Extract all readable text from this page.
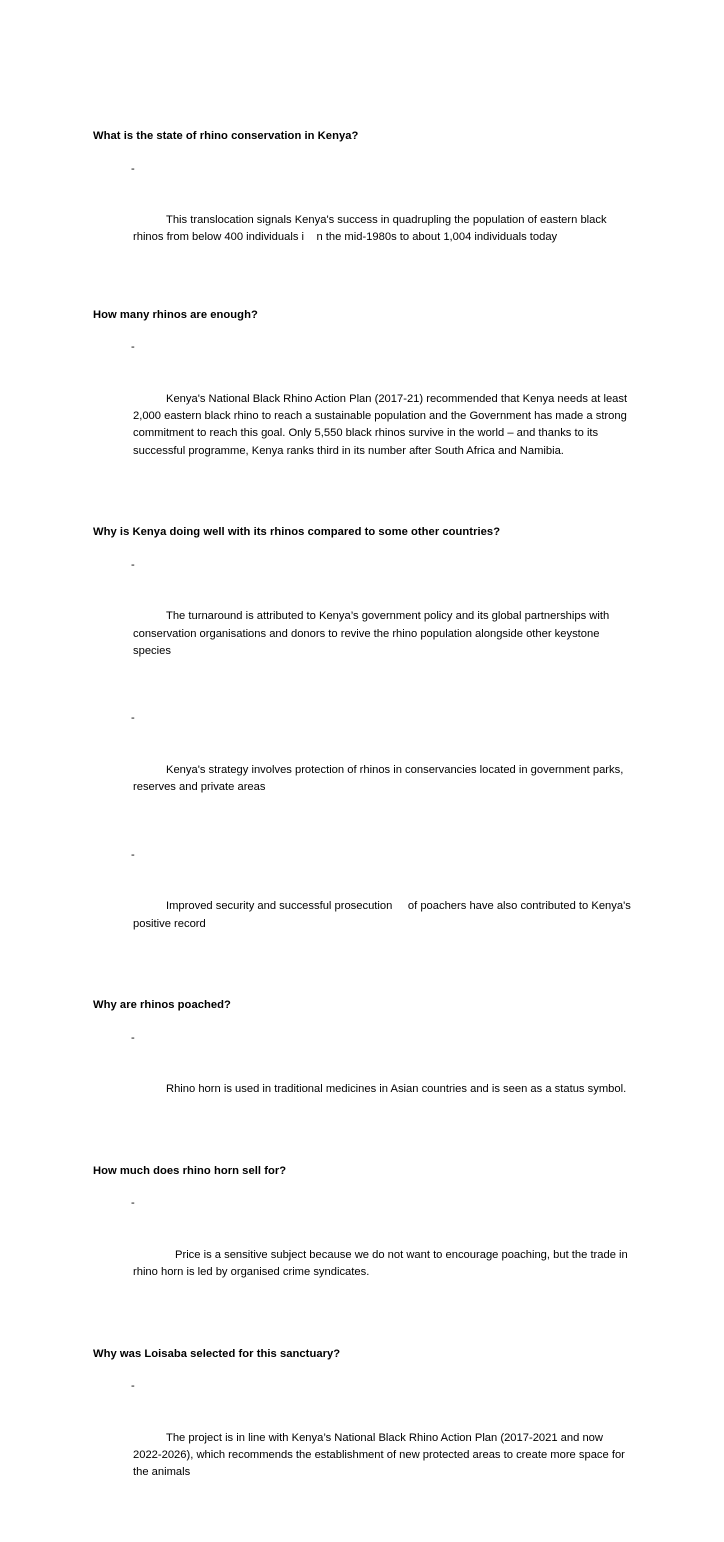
What is the state of rhino conservation in Kenya?

-

This translocation signals Kenya's success in quadrupling the population of eastern black rhinos from below 400 individuals i    n the mid-1980s to about 1,004 individuals today

How many rhinos are enough?

-

Kenya's National Black Rhino Action Plan (2017-21) recommended that Kenya needs at least 2,000 eastern black rhino to reach a sustainable population and the Government has made a strong commitment to reach this goal. Only 5,550 black rhinos survive in the world – and thanks to its successful programme, Kenya ranks third in its number after South Africa and Namibia.

Why is Kenya doing well with its rhinos compared to some other countries?

-

The turnaround is attributed to Kenya’s government policy and its global partnerships with conservation organisations and donors to revive the rhino population alongside other keystone species

-

Kenya's strategy involves protection of rhinos in conservancies located in government parks, reserves and private areas

-

Improved security and successful prosecution     of poachers have also contributed to Kenya's positive record

Why are rhinos poached?

-

Rhino horn is used in traditional medicines in Asian countries and is seen as a status symbol.

How much does rhino horn sell for?

-

Price is a sensitive subject because we do not want to encourage poaching, but the trade in rhino horn is led by organised crime syndicates.

Why was Loisaba selected for this sanctuary?

-

The project is in line with Kenya’s National Black Rhino Action Plan (2017-2021 and now 2022-2026), which recommends the establishment of new protected areas to create more space for the animals
